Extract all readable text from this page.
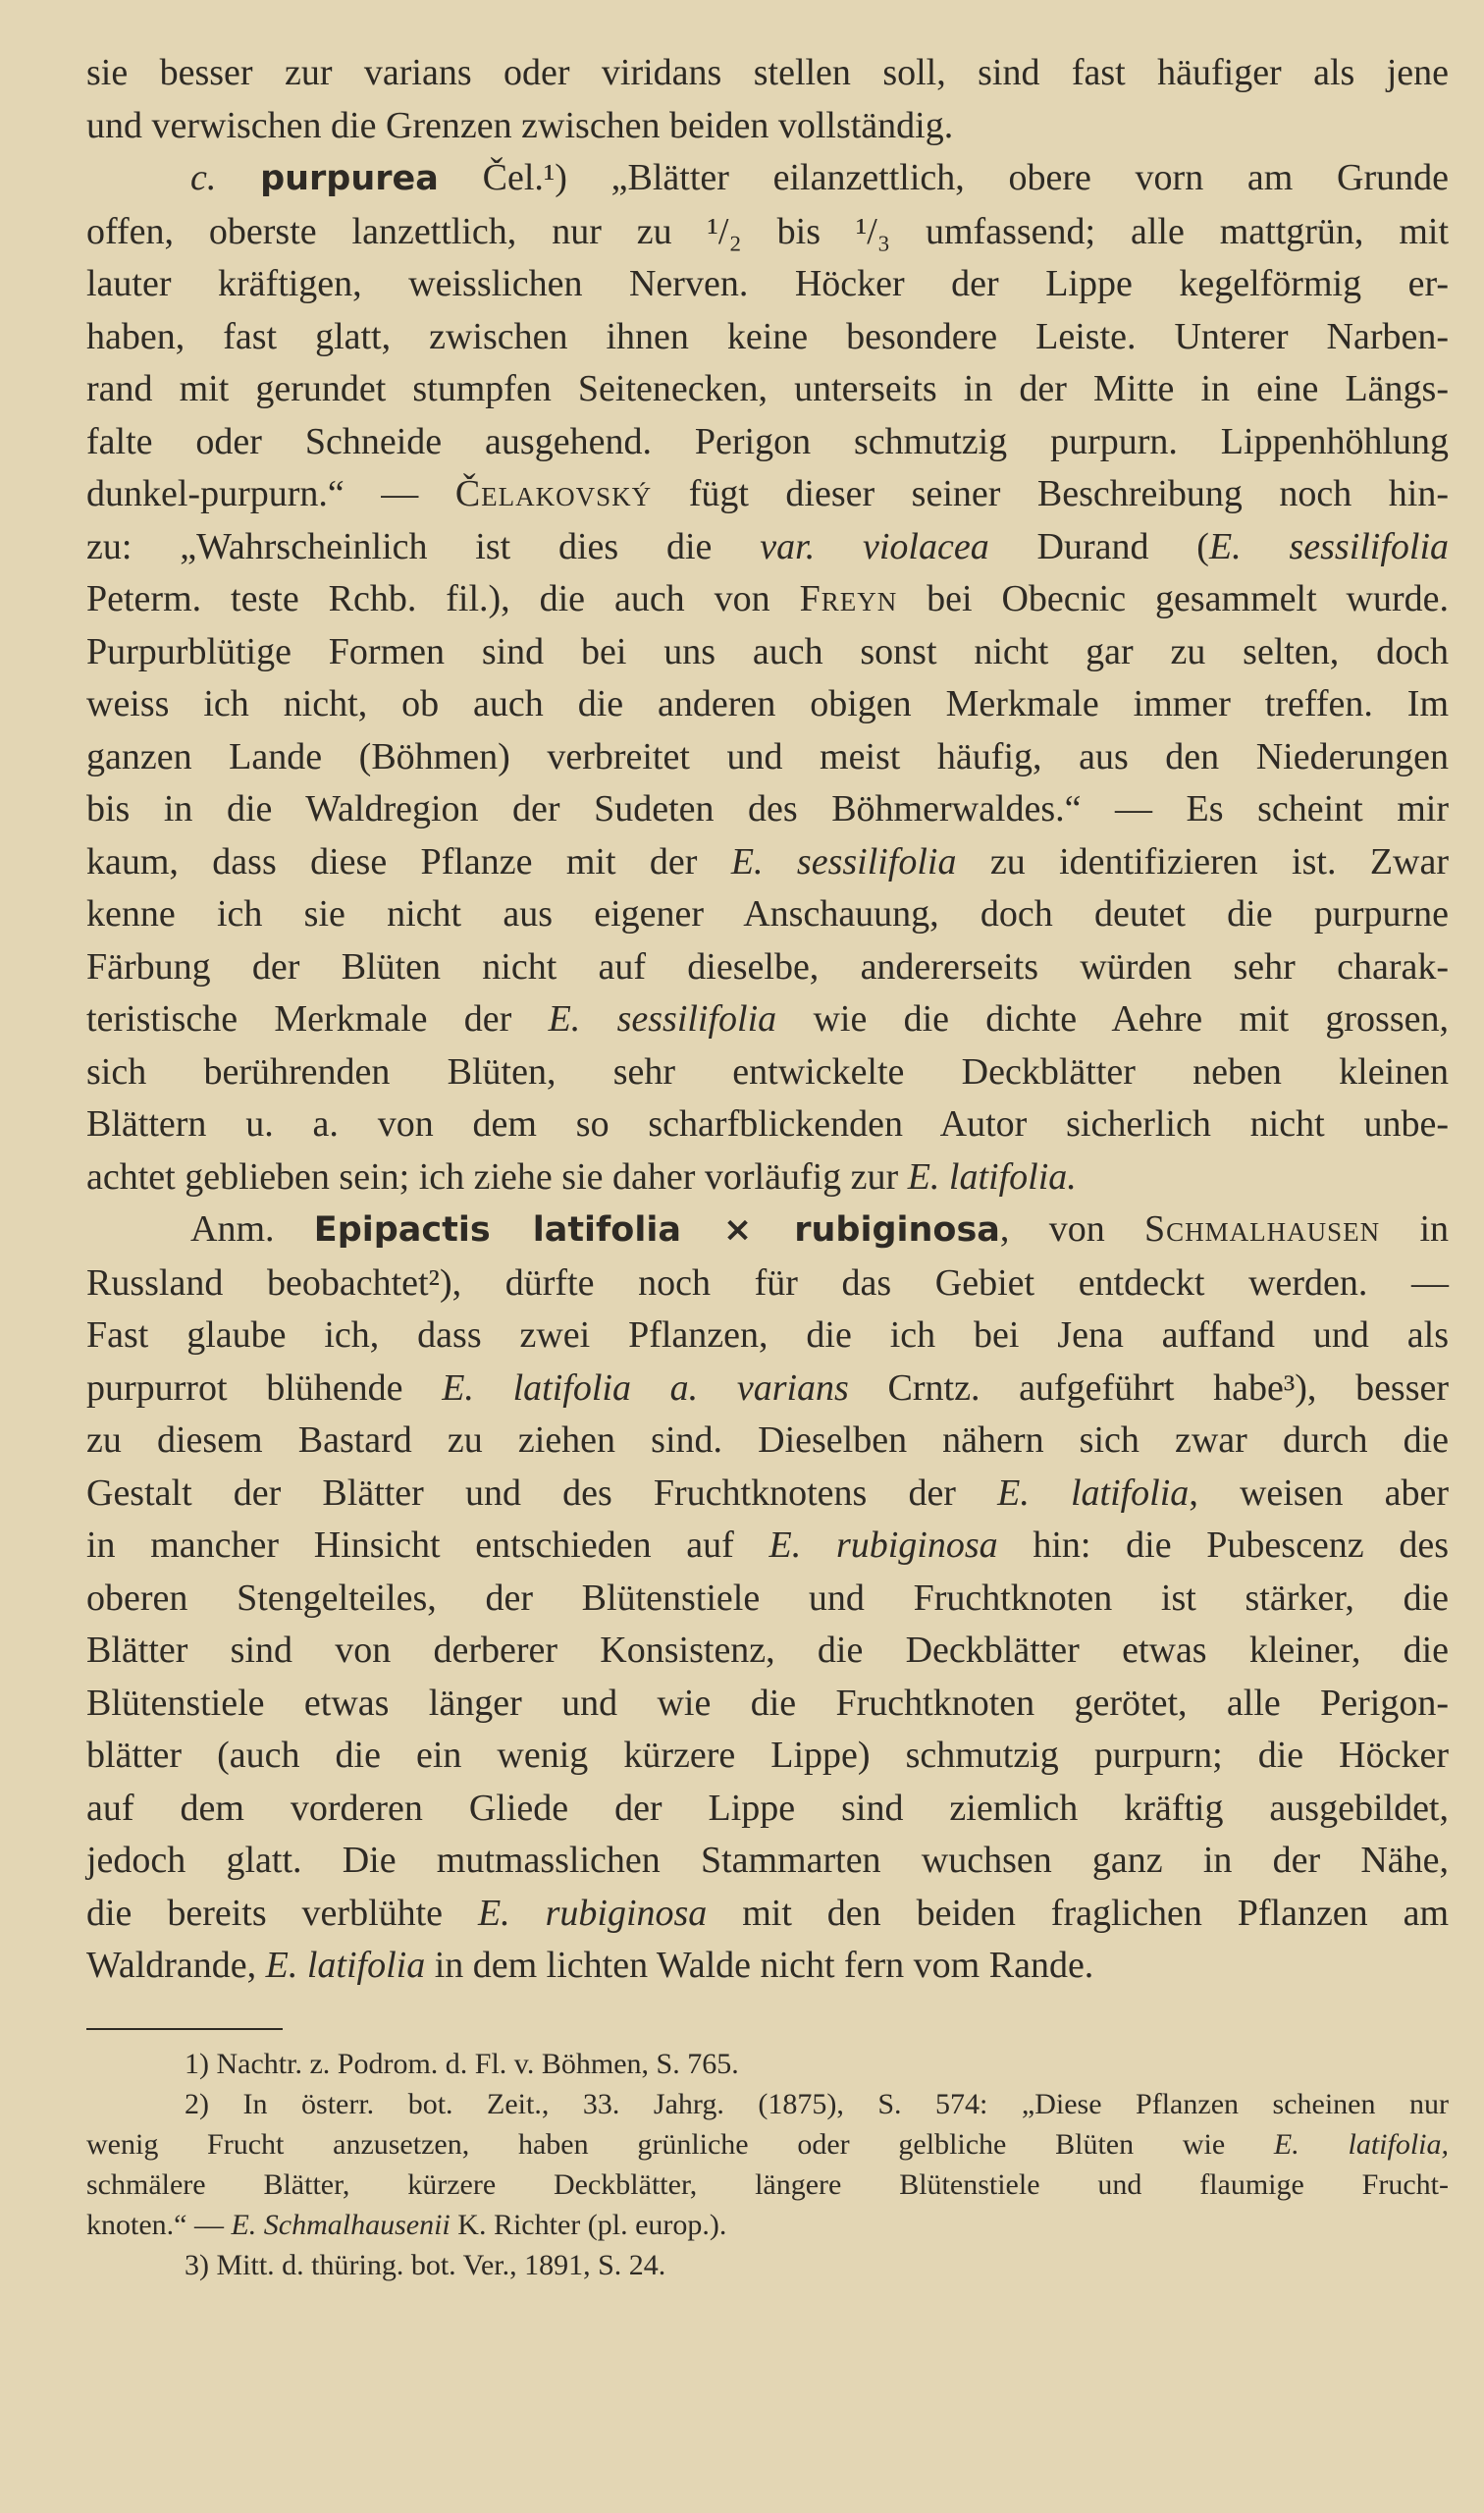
sie besser zur varians oder viridans stellen soll, sind fast häufiger als jene
und verwischen die Grenzen zwischen beiden vollständig.
c. purpurea Čel.¹) „Blätter eilanzettlich, obere vorn am Grunde
offen, oberste lanzettlich, nur zu ¹/₂ bis ¹/₃ umfassend; alle mattgrün, mit
lauter kräftigen, weisslichen Nerven. Höcker der Lippe kegelförmig er-
haben, fast glatt, zwischen ihnen keine besondere Leiste. Unterer Narben-
rand mit gerundet stumpfen Seitenecken, unterseits in der Mitte in eine Längs-
falte oder Schneide ausgehend. Perigon schmutzig purpurn. Lippenhöhlung
dunkel-purpurn.“ — Čelakovský fügt dieser seiner Beschreibung noch hin-
zu: „Wahrscheinlich ist dies die var. violacea Durand (E. sessilifolia
Peterm. teste Rchb. fil.), die auch von Freyn bei Obecnic gesammelt wurde.
Purpurblütige Formen sind bei uns auch sonst nicht gar zu selten, doch
weiss ich nicht, ob auch die anderen obigen Merkmale immer treffen. Im
ganzen Lande (Böhmen) verbreitet und meist häufig, aus den Niederungen
bis in die Waldregion der Sudeten des Böhmerwaldes.“ — Es scheint mir
kaum, dass diese Pflanze mit der E. sessilifolia zu identifizieren ist. Zwar
kenne ich sie nicht aus eigener Anschauung, doch deutet die purpurne
Färbung der Blüten nicht auf dieselbe, andererseits würden sehr charak-
teristische Merkmale der E. sessilifolia wie die dichte Aehre mit grossen,
sich berührenden Blüten, sehr entwickelte Deckblätter neben kleinen
Blättern u. a. von dem so scharfblickenden Autor sicherlich nicht unbe-
achtet geblieben sein; ich ziehe sie daher vorläufig zur E. latifolia.
Anm. Epipactis latifolia × rubiginosa, von Schmalhausen in
Russland beobachtet²), dürfte noch für das Gebiet entdeckt werden. —
Fast glaube ich, dass zwei Pflanzen, die ich bei Jena auffand und als
purpurrot blühende E. latifolia a. varians Crntz. aufgeführt habe³), besser
zu diesem Bastard zu ziehen sind. Dieselben nähern sich zwar durch die
Gestalt der Blätter und des Fruchtknotens der E. latifolia, weisen aber
in mancher Hinsicht entschieden auf E. rubiginosa hin: die Pubescenz des
oberen Stengelteiles, der Blütenstiele und Fruchtknoten ist stärker, die
Blätter sind von derberer Konsistenz, die Deckblätter etwas kleiner, die
Blütenstiele etwas länger und wie die Fruchtknoten gerötet, alle Perigon-
blätter (auch die ein wenig kürzere Lippe) schmutzig purpurn; die Höcker
auf dem vorderen Gliede der Lippe sind ziemlich kräftig ausgebildet,
jedoch glatt. Die mutmasslichen Stammarten wuchsen ganz in der Nähe,
die bereits verblühte E. rubiginosa mit den beiden fraglichen Pflanzen am
Waldrande, E. latifolia in dem lichten Walde nicht fern vom Rande.
1) Nachtr. z. Podrom. d. Fl. v. Böhmen, S. 765.
2) In österr. bot. Zeit., 33. Jahrg. (1875), S. 574: „Diese Pflanzen scheinen nur
wenig Frucht anzusetzen, haben grünliche oder gelbliche Blüten wie E. latifolia,
schmälere Blätter, kürzere Deckblätter, längere Blütenstiele und flaumige Frucht-
knoten.“ — E. Schmalhausenii K. Richter (pl. europ.).
3) Mitt. d. thüring. bot. Ver., 1891, S. 24.
